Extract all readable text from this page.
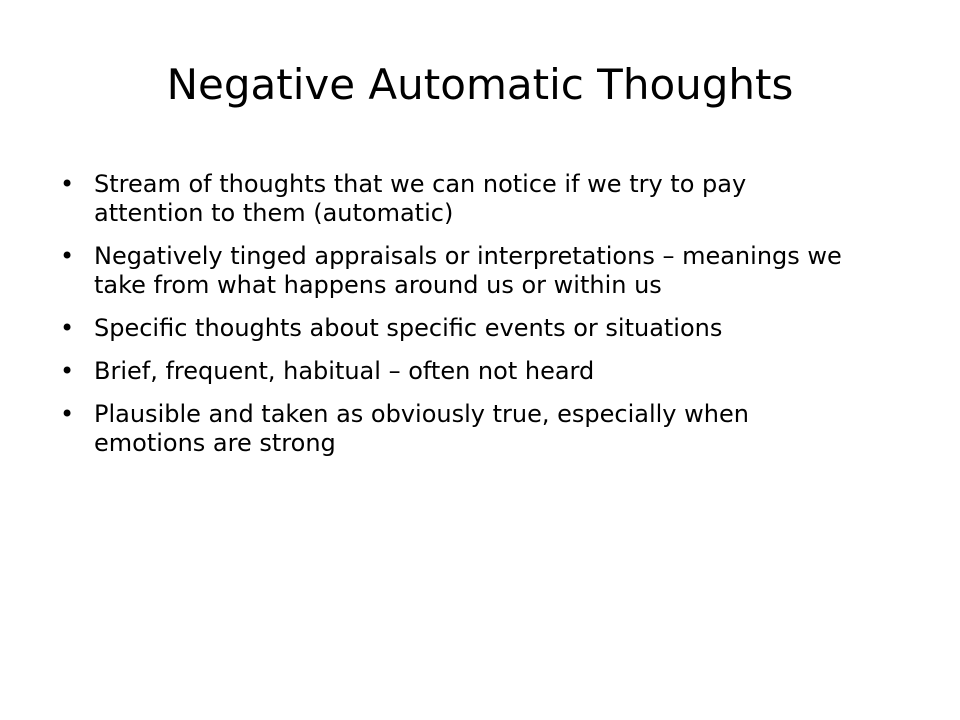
Negative Automatic Thoughts
• Stream of thoughts that we can notice if we try to pay attention to them (automatic)
• Negatively tinged appraisals or interpretations – meanings we take from what happens around us or within us
• Specific thoughts about specific events or situations
• Brief, frequent, habitual – often not heard
• Plausible and taken as obviously true, especially when emotions are strong
